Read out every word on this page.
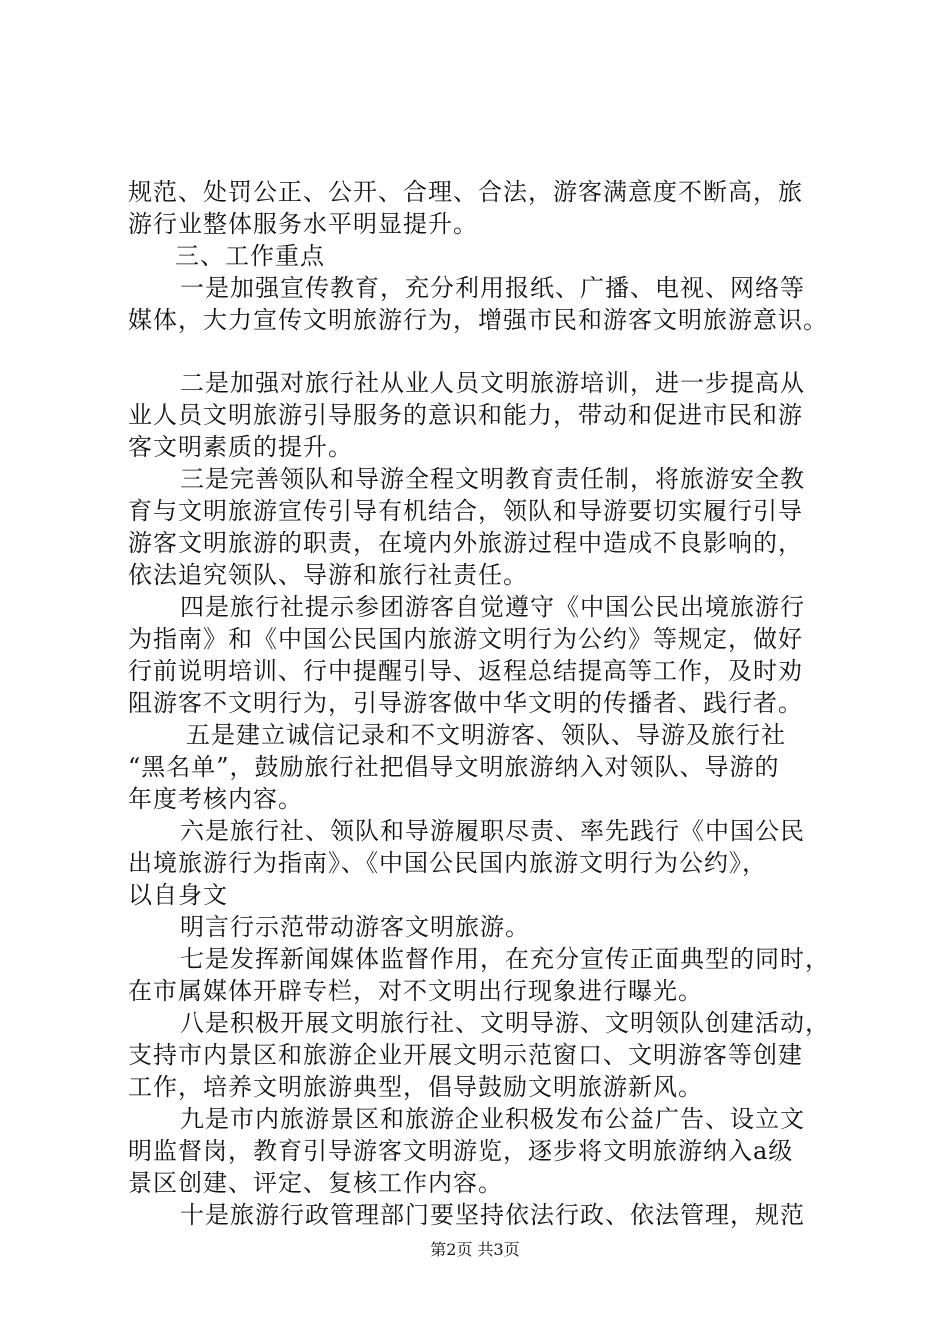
规范、处罚公正、公开、合理、合法，游客满意度不断高，旅
游行业整体服务水平明显提升。
三、工作重点
一是加强宣传教育，充分利用报纸、广播、电视、网络等
媒体，大力宣传文明旅游行为，增强市民和游客文明旅游意识。
二是加强对旅行社从业人员文明旅游培训，进一步提高从
业人员文明旅游引导服务的意识和能力，带动和促进市民和游
客文明素质的提升。
三是完善领队和导游全程文明教育责任制，将旅游安全教
育与文明旅游宣传引导有机结合，领队和导游要切实履行引导
游客文明旅游的职责，在境内外旅游过程中造成不良影响的，
依法追究领队、导游和旅行社责任。
四是旅行社提示参团游客自觉遵守《中国公民出境旅游行
为指南》和《中国公民国内旅游文明行为公约》等规定，做好
行前说明培训、行中提醒引导、返程总结提高等工作，及时劝
阻游客不文明行为，引导游客做中华文明的传播者、践行者。
五是建立诚信记录和不文明游客、领队、导游及旅行社
“黑名单”，鼓励旅行社把倡导文明旅游纳入对领队、导游的
年度考核内容。
六是旅行社、领队和导游履职尽责、率先践行《中国公民
出境旅游行为指南》、《中国公民国内旅游文明行为公约》，
以自身文
明言行示范带动游客文明旅游。
七是发挥新闻媒体监督作用，在充分宣传正面典型的同时，
在市属媒体开辟专栏，对不文明出行现象进行曝光。
八是积极开展文明旅行社、文明导游、文明领队创建活动，
支持市内景区和旅游企业开展文明示范窗口、文明游客等创建
工作，培养文明旅游典型，倡导鼓励文明旅游新风。
九是市内旅游景区和旅游企业积极发布公益广告、设立文
明监督岗，教育引导游客文明游览，逐步将文明旅游纳入a级
景区创建、评定、复核工作内容。
十是旅游行政管理部门要坚持依法行政、依法管理，规范
第2页 共3页
